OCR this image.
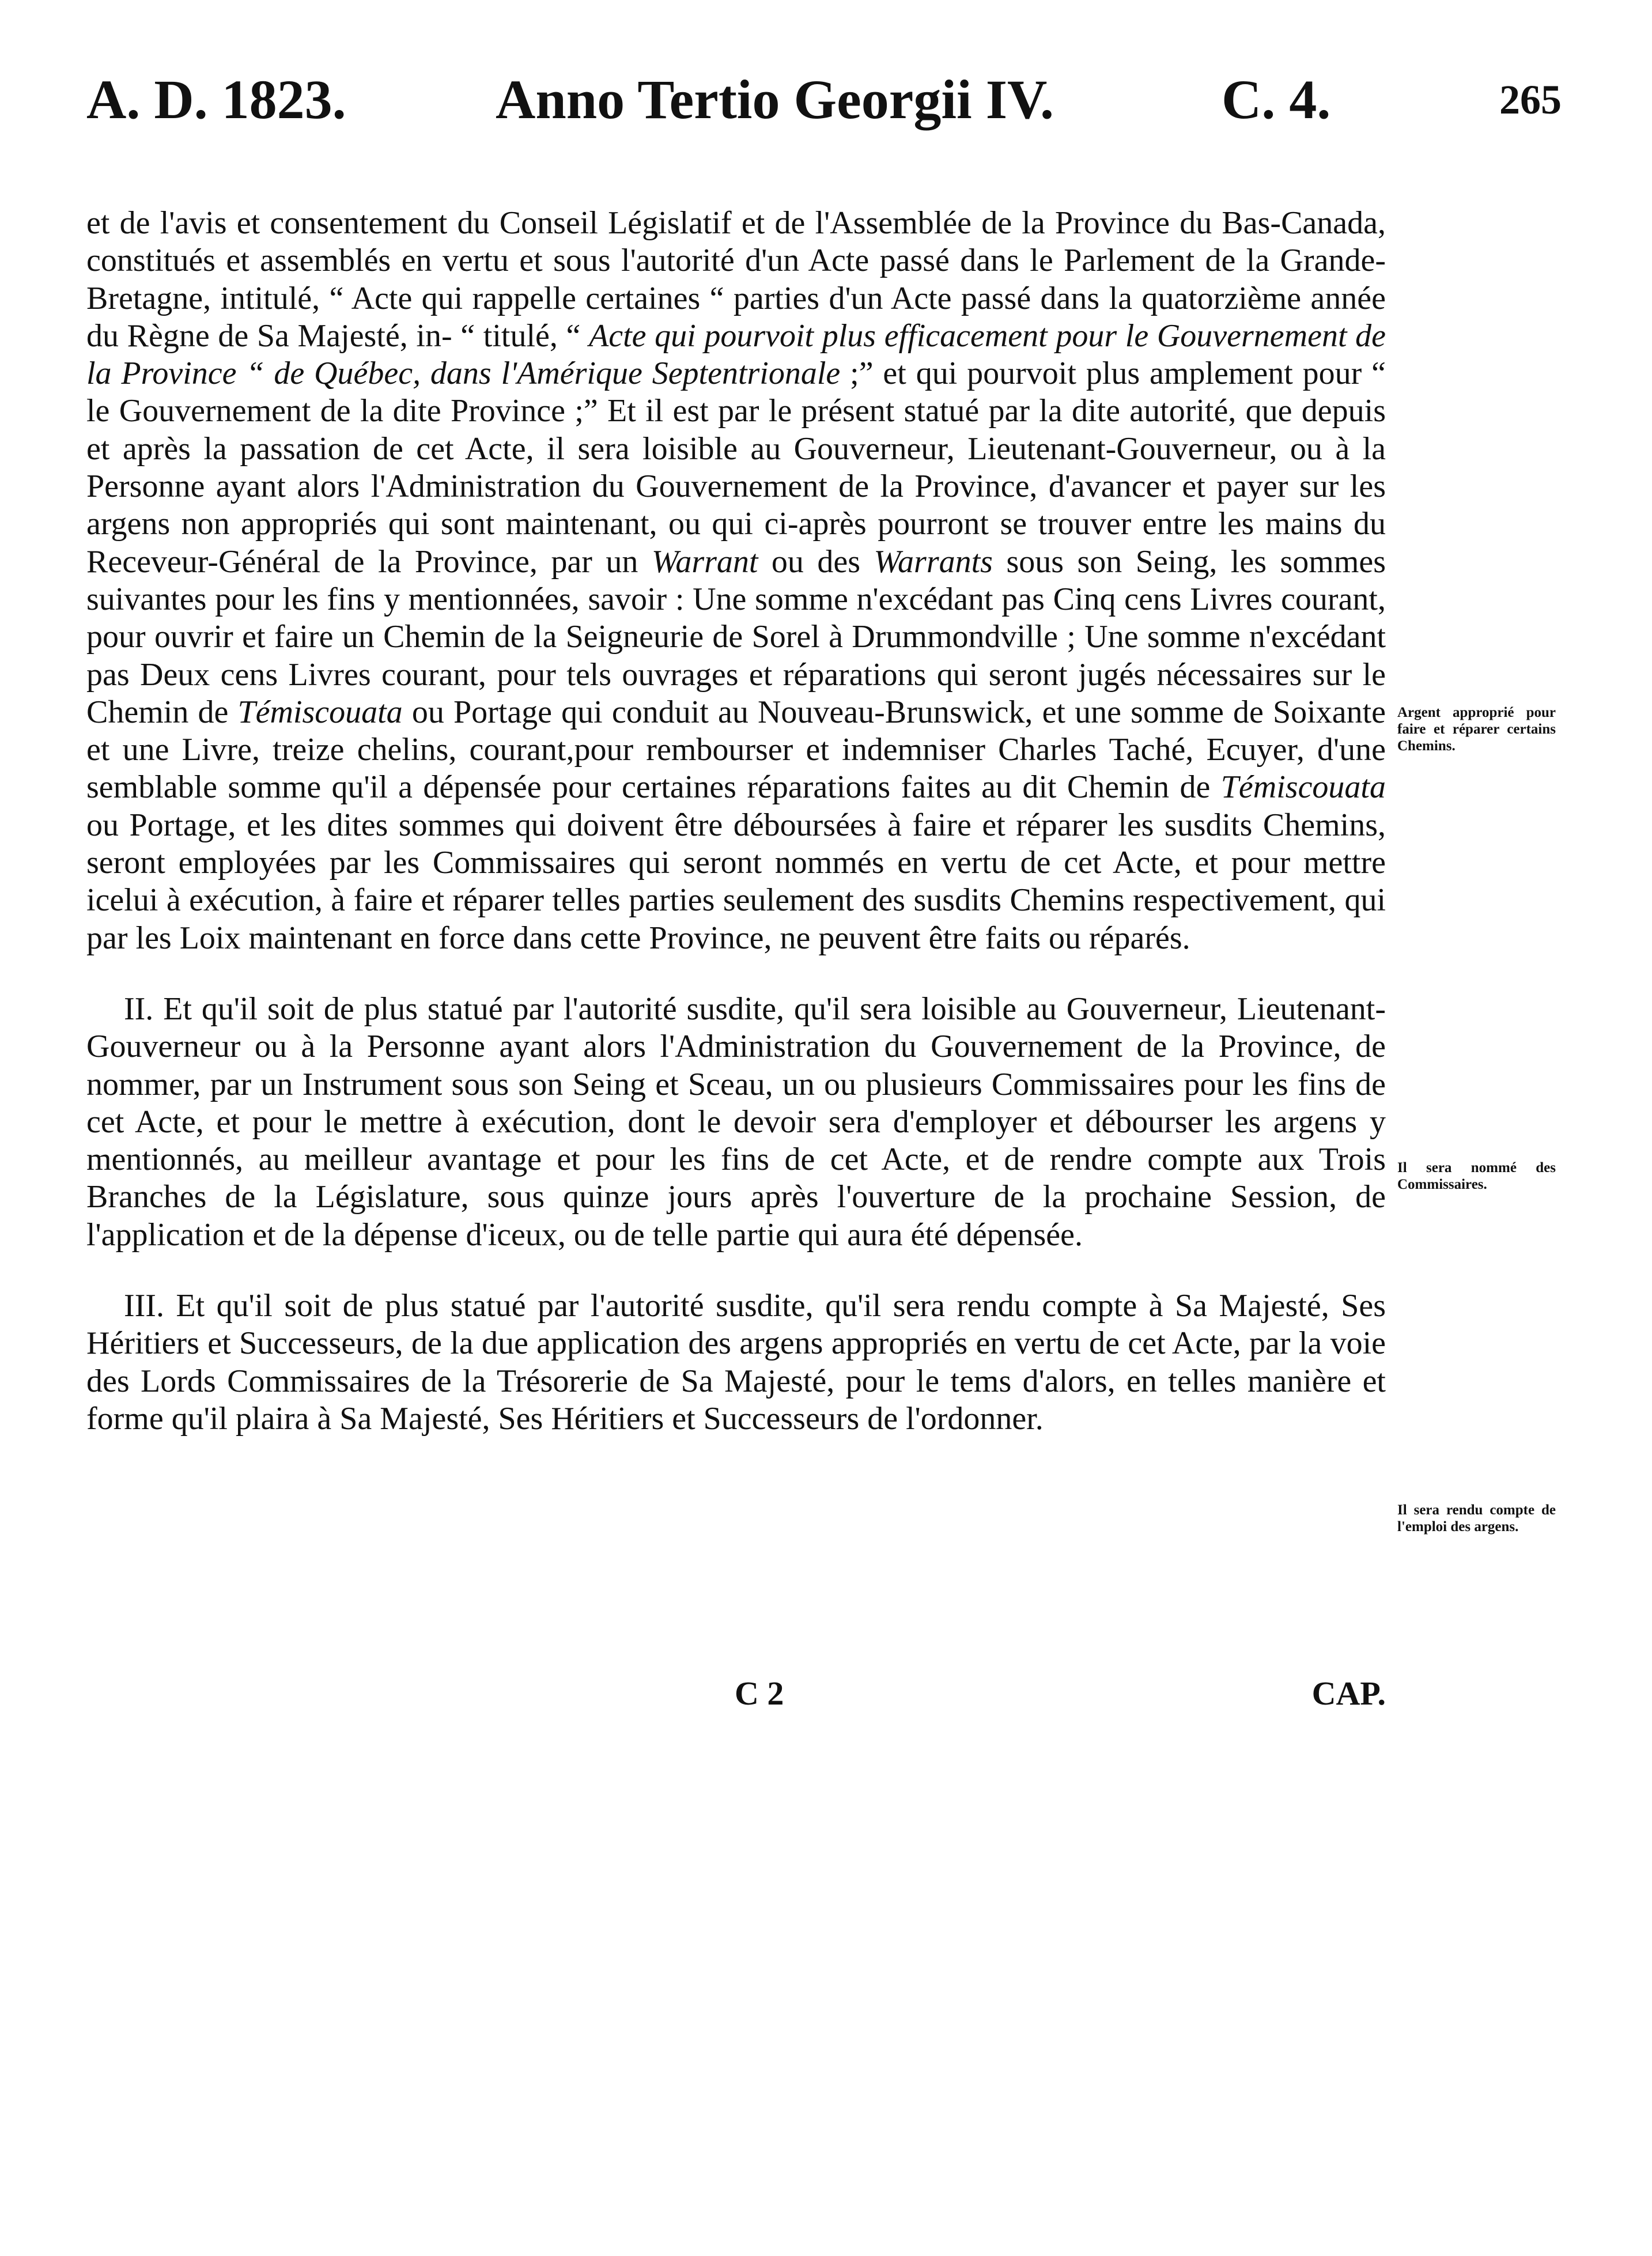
A. D. 1823.	Anno Tertio Georgii IV.	C. 4.	265

et de l'avis et consentement du Conseil Législatif et de l'Assemblée de la Province du Bas-Canada, constitués et assemblés en vertu et sous l'autorité d'un Acte passé dans le Parlement de la Grande-Bretagne, intitulé, “ Acte qui rappelle certaines “ parties d'un Acte passé dans la quatorzième année du Règne de Sa Majesté, in- “ titulé, “ Acte qui pourvoit plus efficacement pour le Gouvernement de la Province “ de Québec, dans l'Amérique Septentrionale ;” et qui pourvoit plus amplement pour “ le Gouvernement de la dite Province ;” Et il est par le présent statué par la dite autorité, que depuis et après la passation de cet Acte, il sera loisible au Gouverneur, Lieutenant-Gouverneur, ou à la Personne ayant alors l'Administration du Gouvernement de la Province, d'avancer et payer sur les argens non appropriés qui sont maintenant, ou qui ci-après pourront se trouver entre les mains du Receveur-Général de la Province, par un Warrant ou des Warrants sous son Seing, les sommes suivantes pour les fins y mentionnées, savoir : Une somme n'excédant pas Cinq cens Livres courant, pour ouvrir et faire un Chemin de la Seigneurie de Sorel à Drummondville ; Une somme n'excédant pas Deux cens Livres courant, pour tels ouvrages et réparations qui seront jugés nécessaires sur le Chemin de Témiscouata ou Portage qui conduit au Nouveau-Brunswick, et une somme de Soixante et une Livre, treize chelins, courant,pour rembourser et indemniser Charles Taché, Ecuyer, d'une semblable somme qu'il a dépensée pour certaines réparations faites au dit Chemin de Témiscouata ou Portage, et les dites sommes qui doivent être déboursées à faire et réparer les susdits Chemins, seront employées par les Commissaires qui seront nommés en vertu de cet Acte, et pour mettre icelui à exécution, à faire et réparer telles parties seulement des susdits Chemins respectivement, qui par les Loix maintenant en force dans cette Province, ne peuvent être faits ou réparés.

II. Et qu'il soit de plus statué par l'autorité susdite, qu'il sera loisible au Gouverneur, Lieutenant-Gouverneur ou à la Personne ayant alors l'Administration du Gouvernement de la Province, de nommer, par un Instrument sous son Seing et Sceau, un ou plusieurs Commissaires pour les fins de cet Acte, et pour le mettre à exécution, dont le devoir sera d'employer et débourser les argens y mentionnés, au meilleur avantage et pour les fins de cet Acte, et de rendre compte aux Trois Branches de la Législature, sous quinze jours après l'ouverture de la prochaine Session, de l'application et de la dépense d'iceux, ou de telle partie qui aura été dépensée.

III. Et qu'il soit de plus statué par l'autorité susdite, qu'il sera rendu compte à Sa Majesté, Ses Héritiers et Successeurs, de la due application des argens appropriés en vertu de cet Acte, par la voie des Lords Commissaires de la Trésorerie de Sa Majesté, pour le tems d'alors, en telles manière et forme qu'il plaira à Sa Majesté, Ses Héritiers et Successeurs de l'ordonner.

Argent approprié pour faire et réparer certains Chemins.

Il sera nommé des Commissaires.

Il sera rendu compte de l'emploi des argens.

C 2	CAP.
